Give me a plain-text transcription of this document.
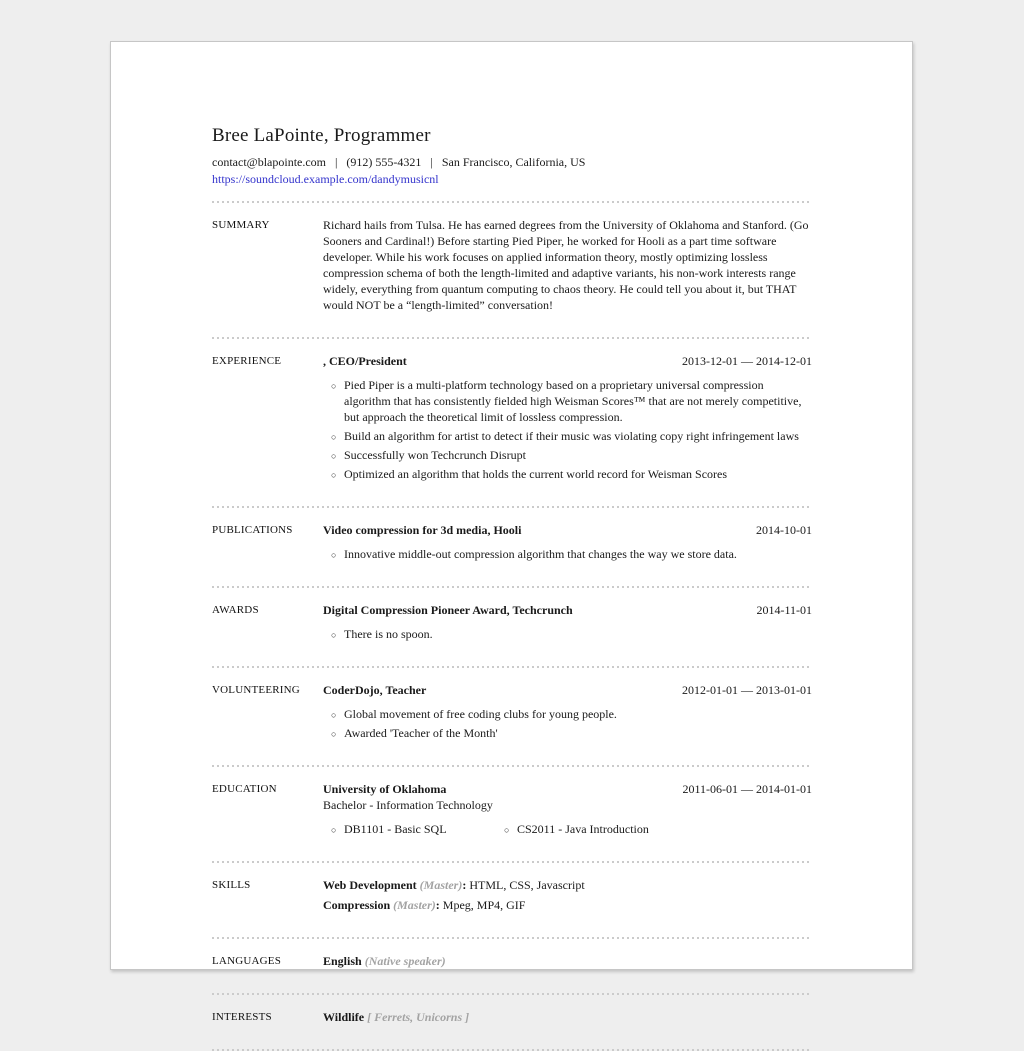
Bree LaPointe, Programmer
contact@blapointe.com | (912) 555-4321 | San Francisco, California, US
https://soundcloud.example.com/dandymusicnl
SUMMARY	Richard hails from Tulsa. He has earned degrees from the University of Oklahoma and Stanford. (Go Sooners and Cardinal!) Before starting Pied Piper, he worked for Hooli as a part time software developer. While his work focuses on applied information theory, mostly optimizing lossless compression schema of both the length-limited and adaptive variants, his non-work interests range widely, everything from quantum computing to chaos theory. He could tell you about it, but THAT would NOT be a “length-limited” conversation!

EXPERIENCE	, CEO/President	2013-12-01 — 2014-12-01
○ Pied Piper is a multi-platform technology based on a proprietary universal compression algorithm that has consistently fielded high Weisman Scores™ that are not merely competitive, but approach the theoretical limit of lossless compression.
○ Build an algorithm for artist to detect if their music was violating copy right infringement laws
○ Successfully won Techcrunch Disrupt
○ Optimized an algorithm that holds the current world record for Weisman Scores
PUBLICATIONS	Video compression for 3d media, Hooli	2014-10-01
○ Innovative middle-out compression algorithm that changes the way we store data.
AWARDS	Digital Compression Pioneer Award, Techcrunch	2014-11-01
○ There is no spoon.
VOLUNTEERING	CoderDojo, Teacher	2012-01-01 — 2013-01-01
○ Global movement of free coding clubs for young people.
○ Awarded 'Teacher of the Month'
EDUCATION	University of Oklahoma	2011-06-01 — 2014-01-01
Bachelor - Information Technology
○ DB1101 - Basic SQL	○ CS2011 - Java Introduction
SKILLS	Web Development (Master): HTML, CSS, Javascript
Compression (Master): Mpeg, MP4, GIF
LANGUAGES	English (Native speaker)
INTERESTS	Wildlife [ Ferrets, Unicorns ]
